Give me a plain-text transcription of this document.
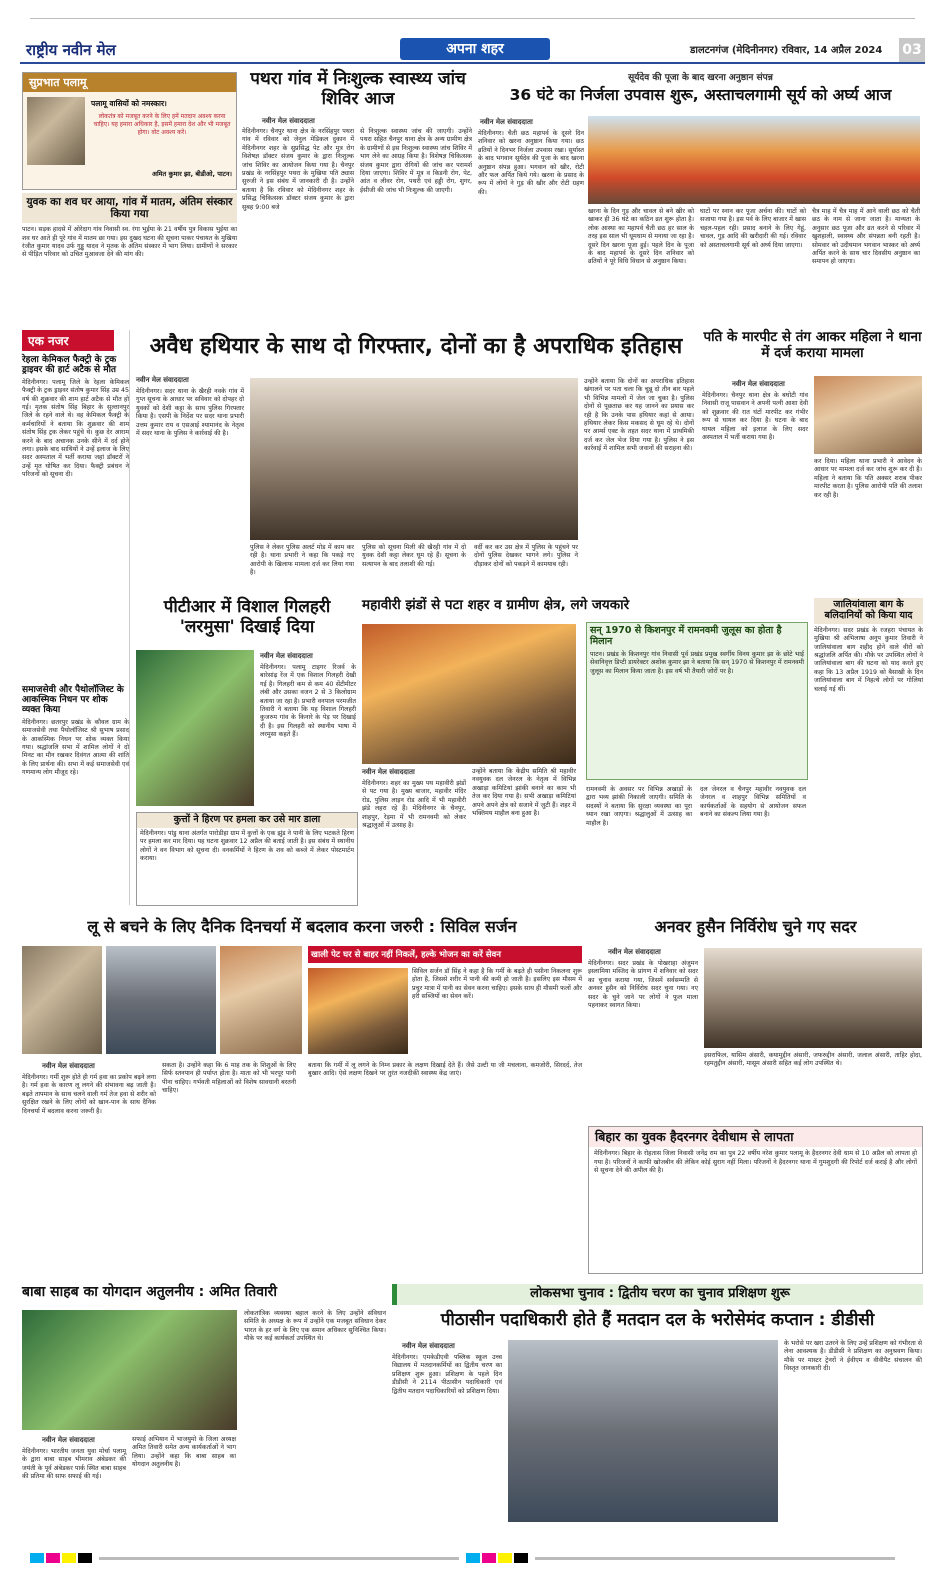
राष्ट्रीय नवीन मेल	अपना शहर	डालटनगंज (मेदिनीनगर) रविवार, 14 अप्रैल 2024 03
सुप्रभात पलामू
पलामू वासियों को नमस्कार।
लोकतंत्र को मजबूत करने के लिए हमें मतदान अवश्य करना चाहिए। यह हमारा अधिकार है, इसमें हमारा देश और भी मजबूत होगा। वोट अवश्य करें।
अमित कुमार झा, बीडीओ, पाटन।
युवक का शव घर आया, गांव में मातम, अंतिम संस्कार किया गया
पाटन। सड़क हादसे में ओरेदाग गांव निवासी स्व. रंगा भुईया के 21 वर्षीय पुत्र विकास भुईया का शव घर आते ही पूरे गांव में मातम छा गया। इस दुखद घटना की सूचना पाकर पंचायत के मुखिया रंजीत कुमार यादव उर्फ गुड्डू यादव ने मृतक के अंतिम संस्कार में भाग लिया। ग्रामीणों ने सरकार से पीड़ित परिवार को उचित मुआवजा देने की मांग की।
पथरा गांव में निःशुल्क स्वास्थ्य जांच शिविर आज
नवीन मेल संवाददाता
मेदिनीनगर। चैनपुर थाना क्षेत्र के नरसिंहपुर पथरा गांव में रविवार को जेनुल मेडिकल दुकान में मेदिनीनगर शहर के सुप्रसिद्ध पेट और मूत्र रोग विशेषज्ञ डॉक्टर संजय कुमार के द्वारा निःशुल्क जांच शिविर का आयोजन किया गया है। चैनपुर प्रखंड के नरसिंहपुर पथरा के मुखिया पति ठ्यास सुरुजी ने इस संबंध में जानकारी दी है। उन्होंने बताया है कि रविवार को मेदिनीनगर शहर के प्रसिद्ध चिकित्सक डॉक्टर संजय कुमार के द्वारा सुबह 9:00 बजे
से निःशुल्क स्वास्थ्य जांच की जाएगी। उन्होंने पथरा सहित चैनपुर थाना क्षेत्र के अन्य ग्रामीण क्षेत्र के ग्रामीणों से इस निःशुल्क स्वास्थ्य जांच शिविर में भाग लेने का आग्रह किया है। विशेषज्ञ चिकित्सक संजय कुमार द्वारा रोगियों की जांच कर परामर्श दिया जाएगा। शिविर में मूत्र व किडनी रोग, पेट, आंत व लीवर रोग, पथरी एवं हड्डी रोग, शुगर, ईसीजी की जांच भी निःशुल्क की जाएगी।
सूर्यदेव की पूजा के बाद खरना अनुष्ठान संपन्न
36 घंटे का निर्जला उपवास शुरू, अस्ताचलगामी सूर्य को अर्घ्य आज
नवीन मेल संवाददाता
मेदिनीनगर। चैती छठ महापर्व के दूसरे दिन शनिवार को खरना अनुष्ठान किया गया। छठ व्रतियों ने दिनभर निर्जला उपवास रखा। सूर्यास्त के बाद भगवान सूर्यदेव की पूजा के बाद खरना अनुष्ठान संपन्न हुआ। भगवान को खीर, रोटी और फल अर्पित किये गये। खरना के प्रसाद के रूप में लोगों ने गुड़ की खीर और रोटी ग्रहण की।
खरना के दिन गुड़ और चावल से बने खीर को खाकर ही 36 घंटे का कठिन व्रत शुरू होता है। लोक आस्था का महापर्व चैती छठ हर साल के तरह इस साल भी धूमधाम से मनाया जा रहा है। दूसरे दिन खरना पूजा हुई। पहले दिन के पूजा के बाद महापर्व के दूसरे दिन शनिवार को व्रतियों ने पूरे विधि विधान से अनुष्ठान किया।
घाटों पर स्नान कर पूजा अर्चना की। घाटों को सजाया गया है। इस पर्व के लिए बाजार में खास चहल-पहल रही। प्रसाद बनाने के लिए गेहूं, चावल, गुड़ आदि की खरीदारी की गई। रविवार को अस्ताचलगामी सूर्य को अर्घ्य दिया जाएगा।
चैत्र माह में चैत्र माह में आने वाली छठ को चैती छठ के नाम से जाना जाता है। मान्यता के अनुसार छठ पूजा और व्रत करने से परिवार में खुशहाली, स्वास्थ्य और संपन्नता बनी रहती है। सोमवार को उदीयमान भगवान भास्कर को अर्घ्य अर्पित करने के साथ चार दिवसीय अनुष्ठान का समापन हो जाएगा।
एक नजर
रेहला केमिकल फैक्ट्री के ट्रक ड्राइवर की हार्ट अटैक से मौत
मेदिनीनगर। पलामू जिले के रेहला केमिकल फैक्ट्री के ट्रक ड्राइवर संतोष कुमार सिंह उम्र 45 वर्ष की शुक्रवार की शाम हार्ट अटैक से मौत हो गई। मृतक संतोष सिंह बिहार के सुल्तानपुर जिले के रहने वाले थे। वह केमिकल फैक्ट्री के कर्मचारियों ने बताया कि शुक्रवार की शाम संतोष सिंह ट्रक लेकर पहुंचे थे। कुछ देर आराम करने के बाद अचानक उनके सीने में दर्द होने लगा। इसके बाद साथियों ने उन्हें इलाज के लिए सदर अस्पताल में भर्ती कराया जहां डॉक्टरों ने उन्हें मृत घोषित कर दिया। फैक्ट्री प्रबंधन ने परिजनों को सूचना दी।
समाजसेवी और पैथोलॉजिस्ट के आकस्मिक निधन पर शोक व्यक्त किया
मेदिनीनगर। छतरपुर प्रखंड के कौवल ग्राम के समाजसेवी तथा पैथोलॉजिस्ट श्री सुभाष प्रसाद के आकस्मिक निधन पर शोक व्यक्त किया गया। श्रद्धांजलि सभा में शामिल लोगों ने दो मिनट का मौन रखकर दिवंगत आत्मा की शांति के लिए प्रार्थना की। सभा में कई समाजसेवी एवं गणमान्य लोग मौजूद रहे।
अवैध हथियार के साथ दो गिरफ्तार, दोनों का है अपराधिक इतिहास
नवीन मेल संवाददाता
मेदिनीनगर। सदर थाना के खैरही नवके गांव में गुप्त सूचना के आधार पर सविवार को दोपहर दो युवकों को देशी कट्टा के साथ पुलिस गिरफ्तार किया है। एसपी के निर्देश पर सदर थाना प्रभारी उत्तम कुमार राय व एसआई श्यामानंद के नेतृत्व में सदर थाना के पुलिस ने कार्रवाई की है।
पुलिस ने लेकर पुलिस अलर्ट मोड में काम कर रही है। थाना प्रभारी ने कहा कि पकड़े गए आरोपी के खिलाफ मामला दर्ज कर लिया गया है।
पुलिस को सूचना मिली की खैरही गांव में दो युवक देशी कट्टा लेकर घूम रहे हैं। सूचना के सत्यापन के बाद तलाशी की गई।
वर्दी कर कर उस क्षेत्र में पुलिस के पहुंचने पर दोनों पुलिस देखकर भागने लगे। पुलिस ने दौड़ाकर दोनों को पकड़ने में कामयाब रही।
उन्होंने बताया कि दोनों का अपराधिक इतिहास खंगालने पर पता चला कि चुन्नू दो तीन बार पहले भी विभिन्न मामलों में जेल जा चुका है। पुलिस दोनों से पूछताछ कर यह जानने का प्रयास कर रही है कि उनके पास हथियार कहां से आया। हथियार लेकर किस मकसद से घूम रहे थे। दोनों पर आर्म्स एक्ट के तहत सदर थाना में प्राथमिकी दर्ज कर जेल भेज दिया गया है। पुलिस ने इस कार्रवाई में शामिल सभी जवानों की सराहना की।
पति के मारपीट से तंग आकर महिला ने थाना में दर्ज कराया मामला
नवीन मेल संवाददाता
मेदिनीनगर। चैनपुर थाना क्षेत्र के बघोटी गांव निवासी राजू पासवान ने अपनी पत्नी आशा देवी को शुक्रवार की रात घंटों मारपीट कर गंभीर रूप से घायल कर दिया है। घटना के बाद घायल महिला को इलाज के लिए सदर अस्पताल में भर्ती कराया गया है।
कर दिया। महिला थाना प्रभारी ने आवेदन के आधार पर मामला दर्ज कर जांच शुरू कर दी है। महिला ने बताया कि पति अक्सर शराब पीकर मारपीट करता है। पुलिस आरोपी पति की तलाश कर रही है।
पीटीआर में विशाल गिलहरी 'लरमुसा' दिखाई दिया
नवीन मेल संवाददाता
मेदिनीनगर। पलामू टाइगर रिजर्व के बारेसांढ़ रेंज में एक विशाल गिलहरी देखी गई है। गिलहरी कम से कम 40 सेंटीमीटर लंबी और उसका वजन 2 से 3 किलोग्राम बताया जा रहा है। प्रभारी वनपाल परमजीत तिवारी ने बताया कि यह विशाल गिलहरी कुजरुम गांव के किनारे के पेड़ पर दिखाई दी है। इस गिलहरी को स्थानीय भाषा में लरमुसा कहते हैं।
कुत्तों ने हिरण पर हमला कर उसे मार डाला
मेदिनीनगर। पांडु थाना अंतर्गत पारोडीहा ग्राम में कुत्तों के एक झुंड ने पानी के लिए भटकते हिरण पर हमला कर मार दिया। यह घटना शुक्रवार 12 अप्रैल की बताई जाती है। इस संबंध में स्थानीय लोगों ने वन विभाग को सूचना दी। वनकर्मियों ने हिरण के शव को कब्जे में लेकर पोस्टमार्टम कराया।
महावीरी झंडों से पटा शहर व ग्रामीण क्षेत्र, लगे जयकारे
नवीन मेल संवाददाता
मेदिनीनगर। शहर का मुख्य पथ महावीरी झंडों से पट गया है। मुख्य बाजार, महावीर मंदिर रोड, पुलिस लाइन रोड आदि में भी महावीरी झंडे लहरा रहे हैं। मेदिनीनगर के चैनपुर, शाहपुर, रेड़मा में भी रामनवमी को लेकर श्रद्धालुओं में उत्साह है।
उन्होंने बताया कि केंद्रीय समिति श्री महावीर नवयुवक दल जेनरल के नेतृत्व में विभिन्न अखाड़ा कमिटियां झांकी बनाने का काम भी तेज कर दिया गया है। सभी अखाड़ा कमिटियां अपने अपने क्षेत्र को सजाने में जुटी हैं। शहर में भक्तिमय माहौल बना हुआ है।
सन् 1970 से किशनपुर में रामनवमी जुलूस का होता है मिलान
पाटन। प्रखंड के किशनपुर गांव निवासी पूर्व प्रखंड प्रमुख स्वर्गीय विनय कुमार झा के छोटे भाई सेवानिवृत्त डिप्टी डायरेक्टर अशोक कुमार झा ने बताया कि सन् 1970 से किशनपुर में रामनवमी जुलूस का मिलान किया जाता है। इस वर्ष भी तैयारी जोरों पर है।
रामनवमी के अवसर पर विभिन्न अखाड़ों के द्वारा भव्य झांकी निकाली जाएगी। समिति के सदस्यों ने बताया कि सुरक्षा व्यवस्था का पूरा ध्यान रखा जाएगा। श्रद्धालुओं में उत्साह का माहौल है।
दल जेनरल व चैनपुर महावीर नवयुवक दल जेनरल व शाहपुर विभिन्न समितियों व कार्यकर्ताओं के सहयोग से आयोजन सफल बनाने का संकल्प लिया गया है।
जालियांवाला बाग के बलिदानियों को किया याद
मेदिनीनगर। सदर प्रखंड के रजहरा पंचायत के मुखिया श्री अभिलाषा अनूप कुमार तिवारी ने जालियांवाला बाग शहीद होने वाले वीरों को श्रद्धांजलि अर्पित की। मौके पर उपस्थित लोगों ने जालियांवाला बाग की घटना को याद करते हुए कहा कि 13 अप्रैल 1919 को बैसाखी के दिन जालियांवाला बाग में निहत्थे लोगों पर गोलियां चलाई गई थीं।
लू से बचने के लिए दैनिक दिनचर्या में बदलाव करना जरुरी : सिविल सर्जन
खाली पेट घर से बाहर नहीं निकलें, हल्के भोजन का करें सेवन
सिविल सर्जन डॉ सिंह ने कहा है कि गर्मी के बढ़ते ही पसीना निकलना शुरू होता है, जिससे शरीर में पानी की कमी हो जाती है। इसलिए इस मौसम में प्रचुर मात्रा में पानी का सेवन करना चाहिए। इसके साथ ही मौसमी फलों और हरी सब्जियों का सेवन करें।
नवीन मेल संवाददाता
मेदिनीनगर। गर्मी शुरू होते ही गर्म हवा का प्रकोप बढ़ने लगा है। गर्म हवा के कारण लू लगने की संभावना बढ़ जाती है। बढ़ते तापमान के साथ चलने वाली गर्म तेज हवा से शरीर को सुरक्षित रखने के लिए लोगों को खान-पान के साथ दैनिक दिनचर्या में बदलाव करना जरूरी है।
सकता है। उन्होंने कहा कि 6 माह तक के शिशुओं के लिए सिर्फ स्तनपान ही पर्याप्त होता है। माता को भी भरपूर पानी पीना चाहिए। गर्भवती महिलाओं को विशेष सावधानी बरतनी चाहिए।
बताया कि गर्मी में लू लगने के निम्न प्रकार के लक्षण दिखाई देते हैं। जैसे उल्टी या जी मचलाना, कमजोरी, सिरदर्द, तेज बुखार आदि। ऐसे लक्षण दिखने पर तुरंत नजदीकी स्वास्थ्य केंद्र जाएं।
अनवर हुसैन निर्विरोध चुने गए सदर
नवीन मेल संवाददाता
मेदिनीनगर। सदर प्रखंड के पोखराहा अंजुमन इस्लामिया मस्जिद के प्रांगण में शनिवार को सदर का चुनाव कराया गया, जिसमें सर्वसम्मति से अनवर हुसैन को निर्विरोध सदर चुना गया। नए सदर के चुने जाने पर लोगों ने फूल माला पहनाकर स्वागत किया।
इसराफिल, यासिम अंसारी, कयामुद्दीन अंसारी, जफरुद्दीन अंसारी, जलाल अंसारी, ताहिर होदा, रहमतुद्दीन अंसारी, मासूम अंसारी सहित कई लोग उपस्थित थे।
बिहार का युवक हैदरनगर देवीधाम से लापता
मेदिनीनगर। बिहार के रोहतास जिला निवासी जनेंद्र राम का पुत्र 22 वर्षीय नरेश कुमार पलामू के हैदरनगर देवी धाम से 10 अप्रैल को लापता हो गया है। परिजनों ने काफी खोजबीन की लेकिन कोई सुराग नहीं मिला। परिजनों ने हैदरनगर थाना में गुमशुदगी की रिपोर्ट दर्ज कराई है और लोगों से सूचना देने की अपील की है।
बाबा साहब का योगदान अतुलनीय : अमित तिवारी
नवीन मेल संवाददाता
मेदिनीनगर। भारतीय जनता युवा मोर्चा पलामू के द्वारा बाबा साहब भीमराव अंबेडकर की जयंती के पूर्व अंबेडकर पार्क स्थित बाबा साहब की प्रतिमा की साफ सफाई की गई।
सफाई अभियान में भाजयुमो के जिला अध्यक्ष अमित तिवारी समेत अन्य कार्यकर्ताओं ने भाग लिया। उन्होंने कहा कि बाबा साहब का योगदान अतुलनीय है।
लोकतांत्रिक व्यवस्था बहाल करने के लिए उन्होंने संविधान समिति के अध्यक्ष के रूप में उन्होंने एक मजबूत संविधान देकर भारत के हर वर्ग के लिए एक समान अधिकार सुनिश्चित किया। मौके पर कई कार्यकर्ता उपस्थित थे।
लोकसभा चुनाव : द्वितीय चरण का चुनाव प्रशिक्षण शुरू
पीठासीन पदाधिकारी होते हैं मतदान दल के भरोसेमंद कप्तान : डीडीसी
नवीन मेल संवाददाता
मेदिनीनगर। एमकेडीएवी पब्लिक स्कूल उच्च विद्यालय में मतदानकर्मियों का द्वितीय चरण का प्रशिक्षण शुरू हुआ। प्रशिक्षण के पहले दिन डीडीसी ने 2114 पीठासीन पदाधिकारी एवं द्वितीय मतदान पदाधिकारियों को प्रशिक्षण दिया।
के भरोसे पर खरा उतरने के लिए उन्हें प्रशिक्षण को गंभीरता से लेना आवश्यक है। डीडीसी ने प्रशिक्षण का अनुश्रवण किया। मौके पर मास्टर ट्रेनरों ने ईवीएम व वीवीपैट संचालन की विस्तृत जानकारी दी।
